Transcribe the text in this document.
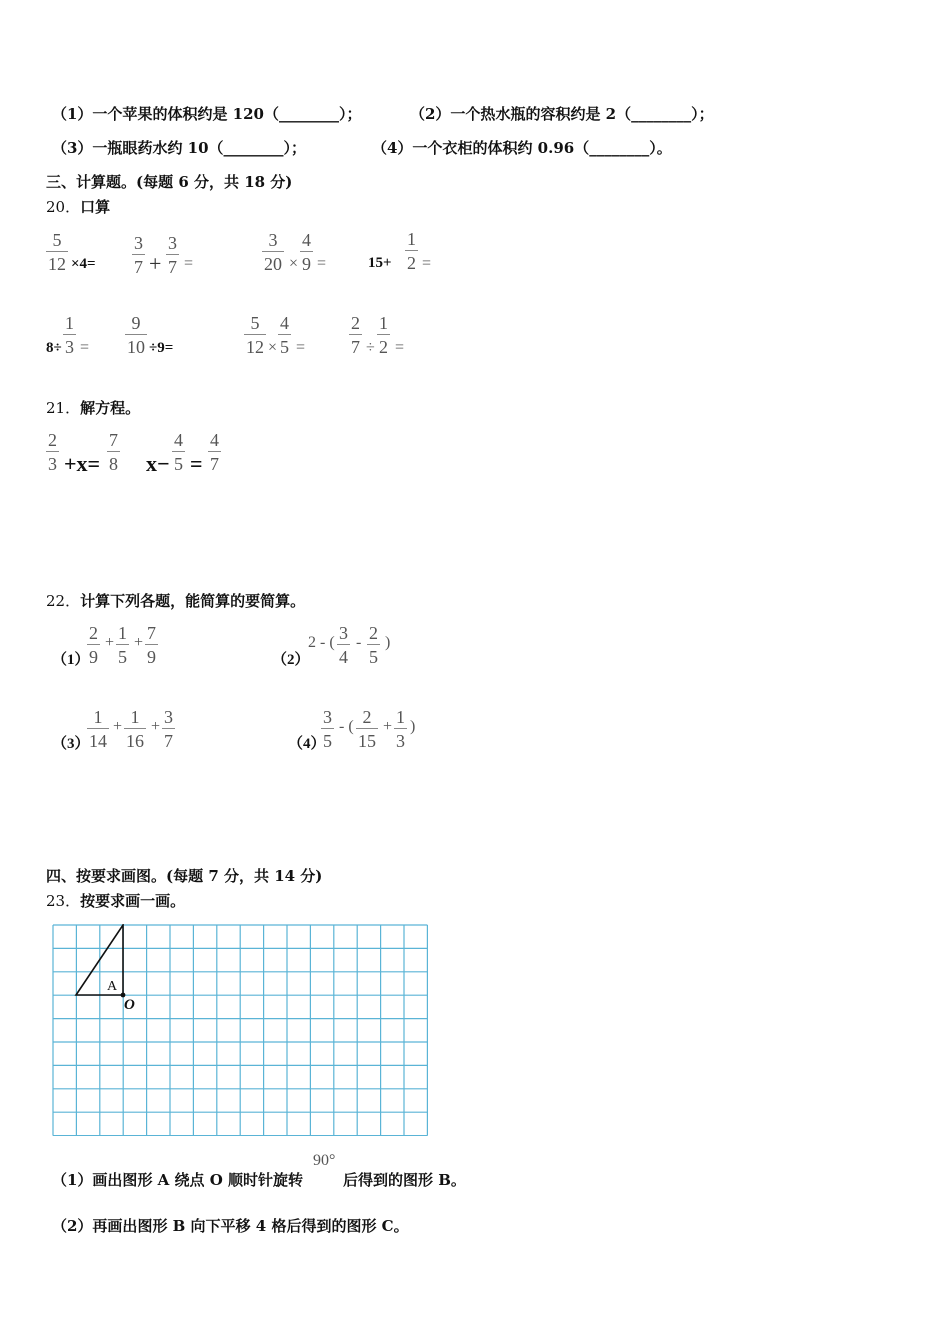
（1）一个苹果的体积约是 120（________）；	（2）一个热水瓶的容积约是 2（________）；
（3）一瓶眼药水约 10（________）；	（4）一个衣柜的体积约 0.96（________）。
三、计算题。(每题 6 分，共 18 分)
20．口算
5
12 ×4=
3
7 +
3
7 =
3
20 ×
4
9 =	15+
1
2 =
8÷
1
3 =
9
10 ÷9=
5
12 ×
4
5 =
2
7 ÷
1
2 =
21．解方程。
2
3 +x=
7
8 x−
4
5 =
4
7
22．计算下列各题，能简算的要简算。
（1）
2
9
+ 1
5
+ 7
9	（2）
2 - ( 3
4
- 2
5
)
（3）
1
14
+ 1
16
+ 3
7	（4）
3
5
- ( 2
15
+ 1
3
)
四、按要求画图。(每题 7 分，共 14 分)
23．按要求画一画。
A
O
（1）画出图形 A 绕点 O 顺时针旋转
90°
后得到的图形 B。
（2）再画出图形 B 向下平移 4 格后得到的图形 C。
